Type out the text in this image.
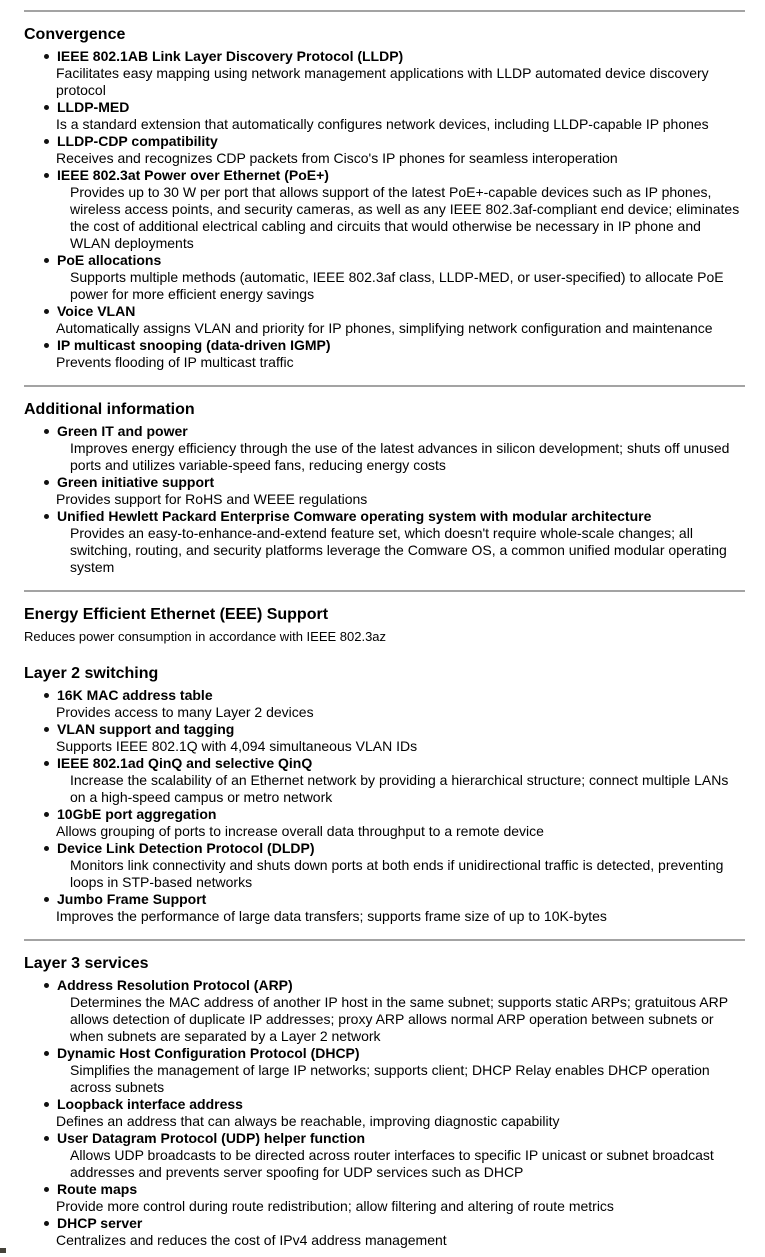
Convergence
IEEE 802.1AB Link Layer Discovery Protocol (LLDP)
Facilitates easy mapping using network management applications with LLDP automated device discovery protocol
LLDP-MED
Is a standard extension that automatically configures network devices, including LLDP-capable IP phones
LLDP-CDP compatibility
Receives and recognizes CDP packets from Cisco's IP phones for seamless interoperation
IEEE 802.3at Power over Ethernet (PoE+)
Provides up to 30 W per port that allows support of the latest PoE+-capable devices such as IP phones, wireless access points, and security cameras, as well as any IEEE 802.3af-compliant end device; eliminates the cost of additional electrical cabling and circuits that would otherwise be necessary in IP phone and WLAN deployments
PoE allocations
Supports multiple methods (automatic, IEEE 802.3af class, LLDP-MED, or user-specified) to allocate PoE power for more efficient energy savings
Voice VLAN
Automatically assigns VLAN and priority for IP phones, simplifying network configuration and maintenance
IP multicast snooping (data-driven IGMP)
Prevents flooding of IP multicast traffic
Additional information
Green IT and power
Improves energy efficiency through the use of the latest advances in silicon development; shuts off unused ports and utilizes variable-speed fans, reducing energy costs
Green initiative support
Provides support for RoHS and WEEE regulations
Unified Hewlett Packard Enterprise Comware operating system with modular architecture
Provides an easy-to-enhance-and-extend feature set, which doesn't require whole-scale changes; all switching, routing, and security platforms leverage the Comware OS, a common unified modular operating system
Energy Efficient Ethernet (EEE) Support

Reduces power consumption in accordance with IEEE 802.3az

Layer 2 switching
16K MAC address table
Provides access to many Layer 2 devices
VLAN support and tagging
Supports IEEE 802.1Q with 4,094 simultaneous VLAN IDs
IEEE 802.1ad QinQ and selective QinQ
Increase the scalability of an Ethernet network by providing a hierarchical structure; connect multiple LANs on a high-speed campus or metro network
10GbE port aggregation
Allows grouping of ports to increase overall data throughput to a remote device
Device Link Detection Protocol (DLDP)
Monitors link connectivity and shuts down ports at both ends if unidirectional traffic is detected, preventing loops in STP-based networks
Jumbo Frame Support
Improves the performance of large data transfers; supports frame size of up to 10K-bytes
Layer 3 services
Address Resolution Protocol (ARP)
Determines the MAC address of another IP host in the same subnet; supports static ARPs; gratuitous ARP allows detection of duplicate IP addresses; proxy ARP allows normal ARP operation between subnets or when subnets are separated by a Layer 2 network
Dynamic Host Configuration Protocol (DHCP)
Simplifies the management of large IP networks; supports client; DHCP Relay enables DHCP operation across subnets
Loopback interface address
Defines an address that can always be reachable, improving diagnostic capability
User Datagram Protocol (UDP) helper function
Allows UDP broadcasts to be directed across router interfaces to specific IP unicast or subnet broadcast addresses and prevents server spoofing for UDP services such as DHCP
Route maps
Provide more control during route redistribution; allow filtering and altering of route metrics
DHCP server
Centralizes and reduces the cost of IPv4 address management
